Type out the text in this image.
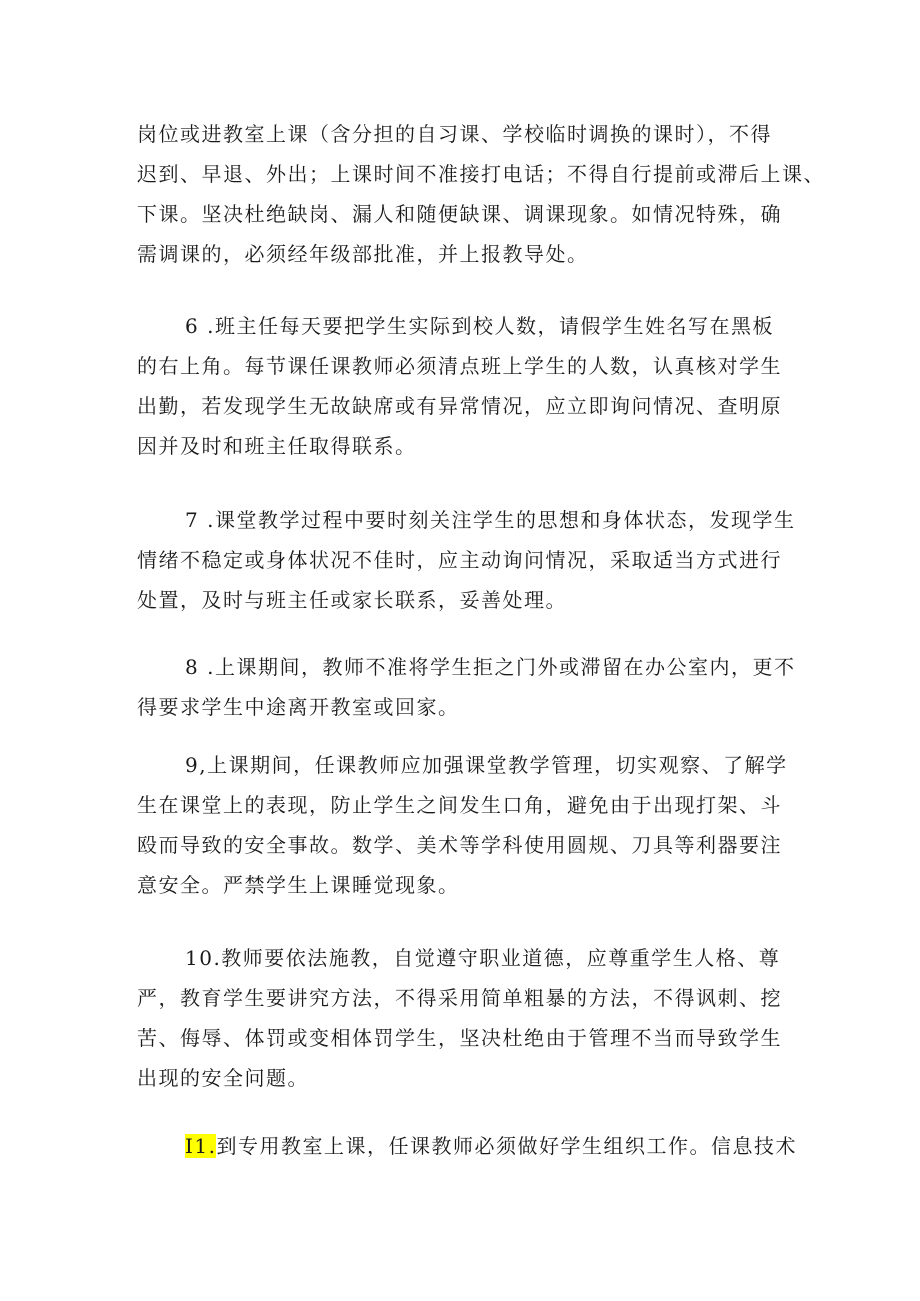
岗位或进教室上课（含分担的自习课、学校临时调换的课时），不得
迟到、早退、外出；上课时间不准接打电话；不得自行提前或滞后上课、
下课。坚决杜绝缺岗、漏人和随便缺课、调课现象。如情况特殊，确
需调课的，必须经年级部批准，并上报教导处。

6 .班主任每天要把学生实际到校人数，请假学生姓名写在黑板
的右上角。每节课任课教师必须清点班上学生的人数，认真核对学生
出勤，若发现学生无故缺席或有异常情况，应立即询问情况、查明原
因并及时和班主任取得联系。

7 .课堂教学过程中要时刻关注学生的思想和身体状态，发现学生
情绪不稳定或身体状况不佳时，应主动询问情况，采取适当方式进行
处置，及时与班主任或家长联系，妥善处理。

8 .上课期间，教师不准将学生拒之门外或滞留在办公室内，更不
得要求学生中途离开教室或回家。

9,上课期间，任课教师应加强课堂教学管理，切实观察、了解学
生在课堂上的表现，防止学生之间发生口角，避免由于出现打架、斗
殴而导致的安全事故。数学、美术等学科使用圆规、刀具等利器要注
意安全。严禁学生上课睡觉现象。

10.教师要依法施教，自觉遵守职业道德，应尊重学生人格、尊
严，教育学生要讲究方法，不得采用简单粗暴的方法，不得讽刺、挖
苦、侮辱、体罚或变相体罚学生，坚决杜绝由于管理不当而导致学生
出现的安全问题。

I1.到专用教室上课，任课教师必须做好学生组织工作。信息技术
